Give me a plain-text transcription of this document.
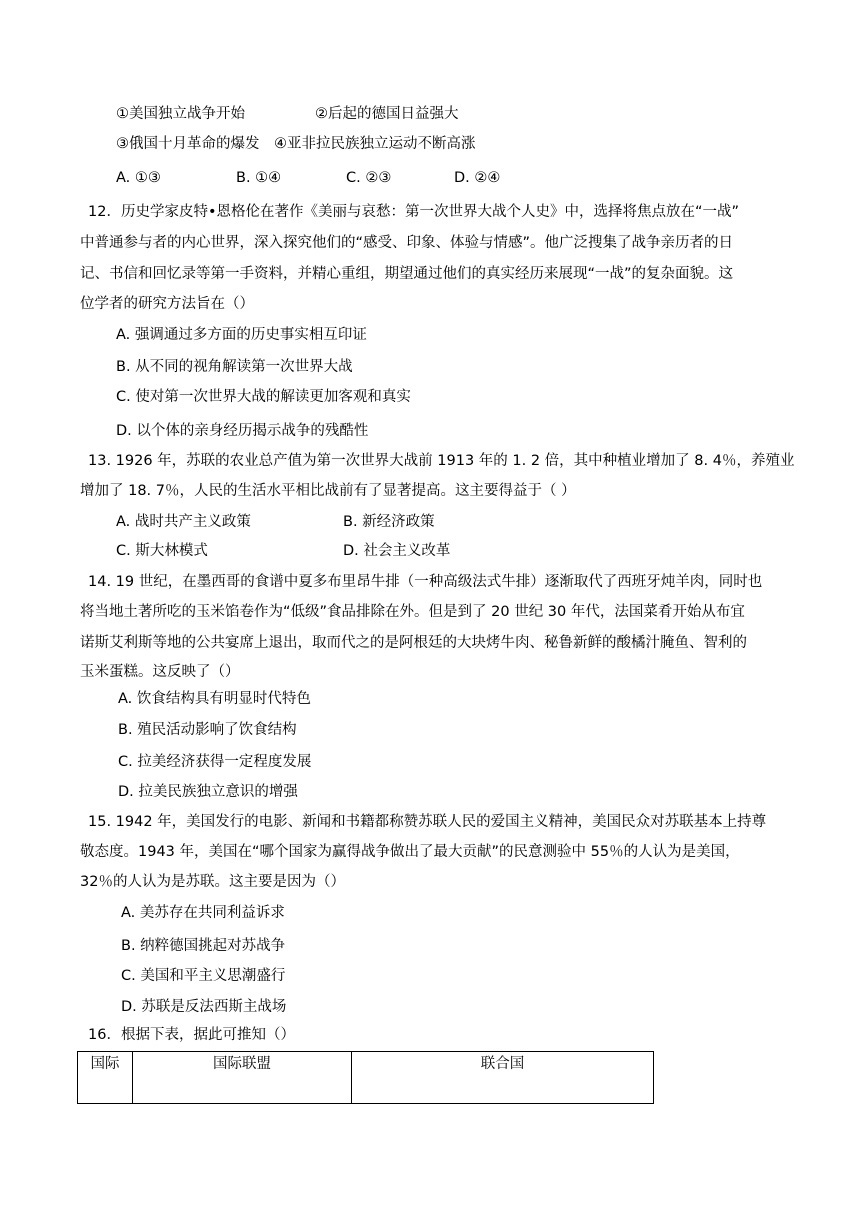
①美国独立战争开始	②后起的德国日益强大
③俄国十月革命的爆发 ④亚非拉民族独立运动不断高涨
A. ①③	B. ①④	C. ②③	D. ②④
12．历史学家皮特•恩格伦在著作《美丽与哀愁：第一次世界大战个人史》中，选择将焦点放在“一战”
中普通参与者的内心世界，深入探究他们的“感受、印象、体验与情感”。他广泛搜集了战争亲历者的日
记、书信和回忆录等第一手资料，并精心重组，期望通过他们的真实经历来展现“一战”的复杂面貌。这
位学者的研究方法旨在（）
A. 强调通过多方面的历史事实相互印证
B. 从不同的视角解读第一次世界大战
C. 使对第一次世界大战的解读更加客观和真实
D. 以个体的亲身经历揭示战争的残酷性
13. 1926 年，苏联的农业总产值为第一次世界大战前 1913 年的 1. 2 倍，其中种植业增加了 8. 4％，养殖业
增加了 18. 7％，人民的生活水平相比战前有了显著提高。这主要得益于（ ）
A. 战时共产主义政策	B. 新经济政策
C. 斯大林模式	D. 社会主义改革
14. 19 世纪，在墨西哥的食谱中夏多布里昂牛排（一种高级法式牛排）逐渐取代了西班牙炖羊肉，同时也
将当地土著所吃的玉米馅卷作为“低级”食品排除在外。但是到了 20 世纪 30 年代，法国菜肴开始从布宜
诺斯艾利斯等地的公共宴席上退出，取而代之的是阿根廷的大块烤牛肉、秘鲁新鲜的酸橘汁腌鱼、智利的
玉米蛋糕。这反映了（）
A. 饮食结构具有明显时代特色
B. 殖民活动影响了饮食结构
C. 拉美经济获得一定程度发展
D. 拉美民族独立意识的增强
15. 1942 年，美国发行的电影、新闻和书籍都称赞苏联人民的爱国主义精神，美国民众对苏联基本上持尊
敬态度。1943 年，美国在“哪个国家为赢得战争做出了最大贡献”的民意测验中 55％的人认为是美国，
32％的人认为是苏联。这主要是因为（）
A. 美苏存在共同利益诉求
B. 纳粹德国挑起对苏战争
C. 美国和平主义思潮盛行
D. 苏联是反法西斯主战场
16．根据下表，据此可推知（）
国际	国际联盟	联合国
